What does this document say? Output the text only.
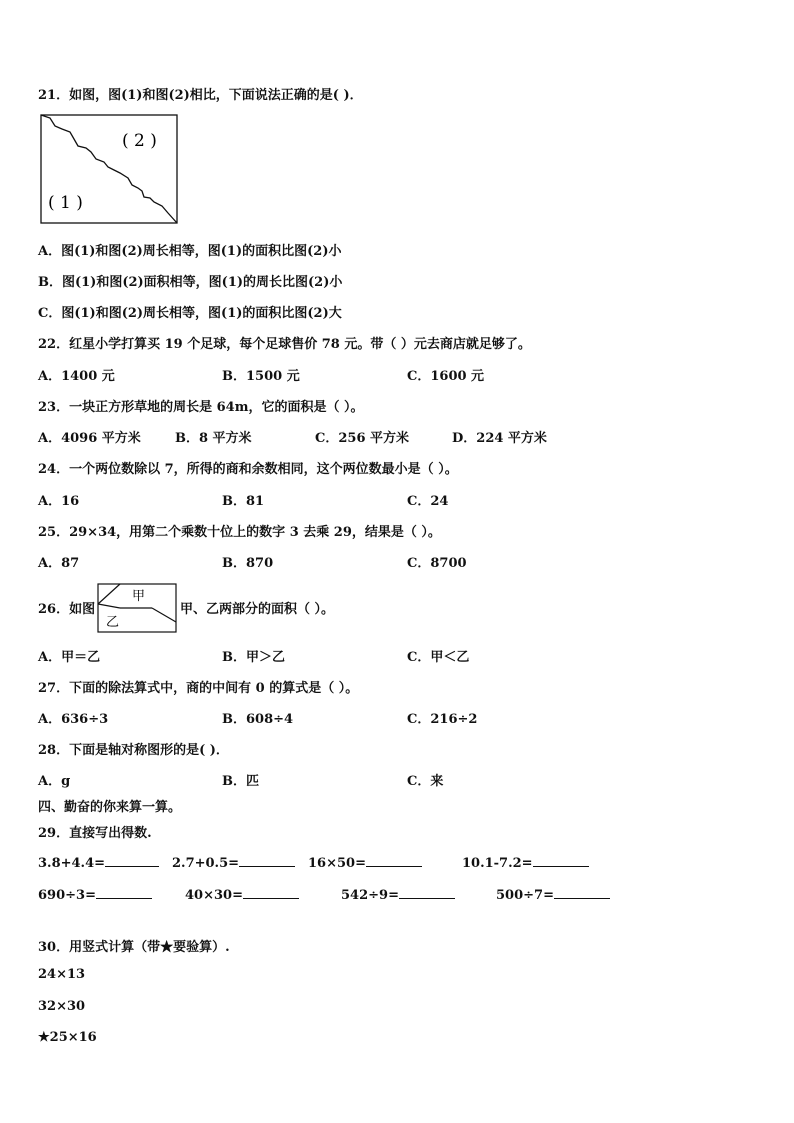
21．如图，图(1)和图(2)相比，下面说法正确的是( )．
( 2 )
( 1 )
A．图(1)和图(2)周长相等，图(1)的面积比图(2)小
B．图(1)和图(2)面积相等，图(1)的周长比图(2)小
C．图(1)和图(2)周长相等，图(1)的面积比图(2)大
22．红星小学打算买 19 个足球，每个足球售价 78 元。带（ ）元去商店就足够了。
A．1400 元	B．1500 元	C．1600 元
23．一块正方形草地的周长是 64m，它的面积是（ ）。
A．4096 平方米	B．8 平方米	C．256 平方米	D．224 平方米
24．一个两位数除以 7，所得的商和余数相同，这个两位数最小是（ ）。
A．16	B．81	C．24
25．29×34，用第二个乘数十位上的数字 3 去乘 29，结果是（ ）。
A．87	B．870	C．8700
26．如图
甲
乙
甲、乙两部分的面积（ ）。
A．甲＝乙	B．甲＞乙	C．甲＜乙
27．下面的除法算式中，商的中间有 0 的算式是（ ）。
A．636÷3	B．608÷4	C．216÷2
28．下面是轴对称图形的是( )．
A．g	B．匹	C．来
四、勤奋的你来算一算。
29．直接写出得数.
3.8+4.4=	2.7+0.5=	16×50=	10.1-7.2=
690÷3=	40×30=	542÷9=	500÷7=
30．用竖式计算（带★要验算）.
24×13
32×30
★25×16
